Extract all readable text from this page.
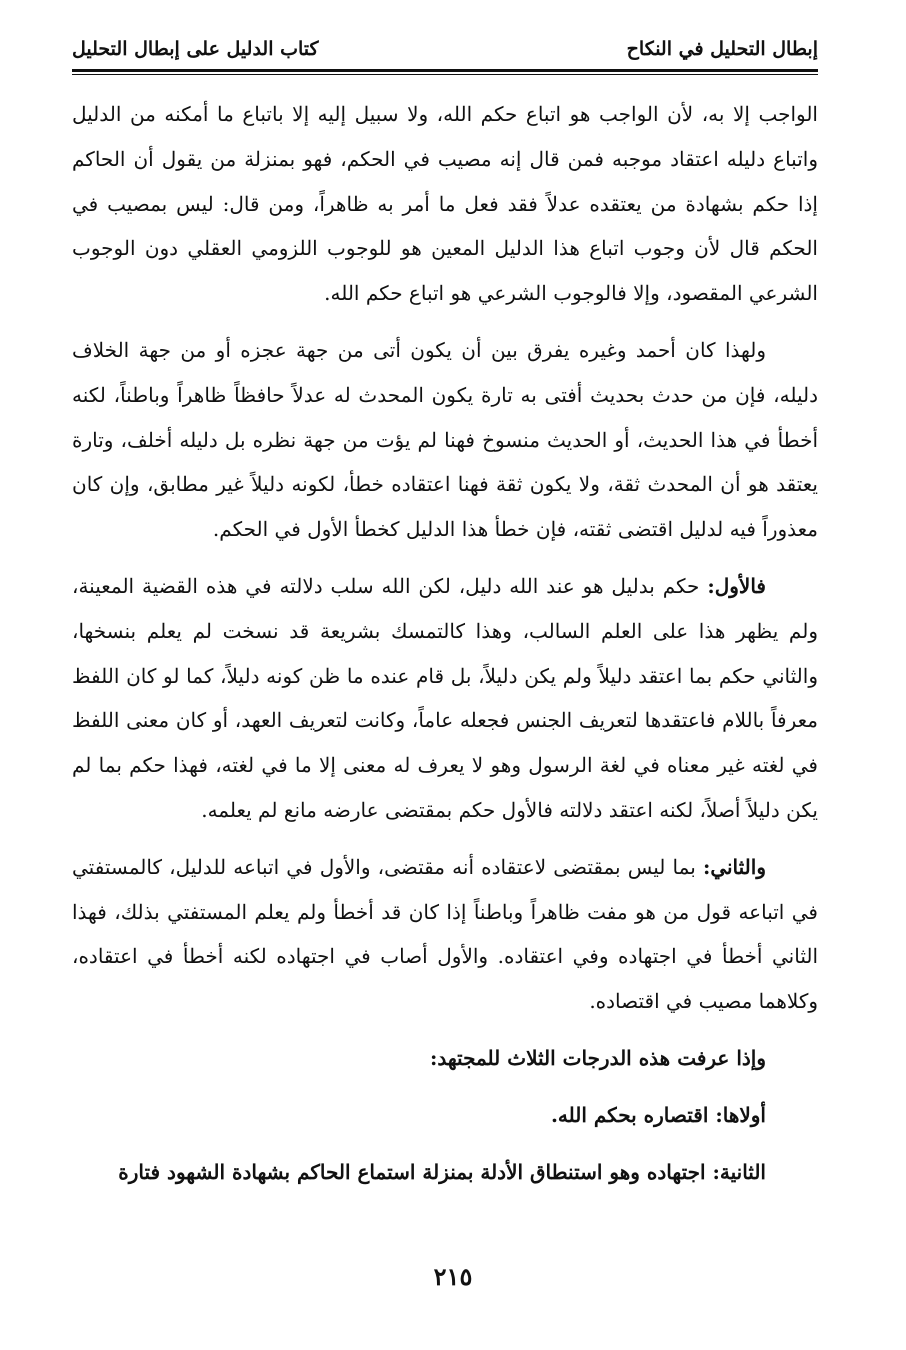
إبطال التحليل في النكاح
كتاب الدليل على إبطال التحليل

الواجب إلا به، لأن الواجب هو اتباع حكم الله، ولا سبيل إليه إلا باتباع ما أمكنه من الدليل واتباع دليله اعتقاد موجبه فمن قال إنه مصيب في الحكم، فهو بمنزلة من يقول أن الحاكم إذا حكم بشهادة من يعتقده عدلاً فقد فعل ما أمر به ظاهراً، ومن قال: ليس بمصيب في الحكم قال لأن وجوب اتباع هذا الدليل المعين هو للوجوب اللزومي العقلي دون الوجوب الشرعي المقصود، وإلا فالوجوب الشرعي هو اتباع حكم الله.

ولهذا كان أحمد وغيره يفرق بين أن يكون أتى من جهة عجزه أو من جهة الخلاف دليله، فإن من حدث بحديث أفتى به تارة يكون المحدث له عدلاً حافظاً ظاهراً وباطناً، لكنه أخطأ في هذا الحديث، أو الحديث منسوخ فهنا لم يؤت من جهة نظره بل دليله أخلف، وتارة يعتقد هو أن المحدث ثقة، ولا يكون ثقة فهنا اعتقاده خطأ، لكونه دليلاً غير مطابق، وإن كان معذوراً فيه لدليل اقتضى ثقته، فإن خطأ هذا الدليل كخطأ الأول في الحكم.

فالأول: حكم بدليل هو عند الله دليل، لكن الله سلب دلالته في هذه القضية المعينة، ولم يظهر هذا على العلم السالب، وهذا كالتمسك بشريعة قد نسخت لم يعلم بنسخها، والثاني حكم بما اعتقد دليلاً ولم يكن دليلاً، بل قام عنده ما ظن كونه دليلاً، كما لو كان اللفظ معرفاً باللام فاعتقدها لتعريف الجنس فجعله عاماً، وكانت لتعريف العهد، أو كان معنى اللفظ في لغته غير معناه في لغة الرسول وهو لا يعرف له معنى إلا ما في لغته، فهذا حكم بما لم يكن دليلاً أصلاً، لكنه اعتقد دلالته فالأول حكم بمقتضى عارضه مانع لم يعلمه.

والثاني: بما ليس بمقتضى لاعتقاده أنه مقتضى، والأول في اتباعه للدليل، كالمستفتي في اتباعه قول من هو مفت ظاهراً وباطناً إذا كان قد أخطأ ولم يعلم المستفتي بذلك، فهذا الثاني أخطأ في اجتهاده وفي اعتقاده. والأول أصاب في اجتهاده لكنه أخطأ في اعتقاده، وكلاهما مصيب في اقتصاده.

وإذا عرفت هذه الدرجات الثلاث للمجتهد:

أولاها: اقتصاره بحكم الله.

الثانية: اجتهاده وهو استنطاق الأدلة بمنزلة استماع الحاكم بشهادة الشهود فتارة

٢١٥
